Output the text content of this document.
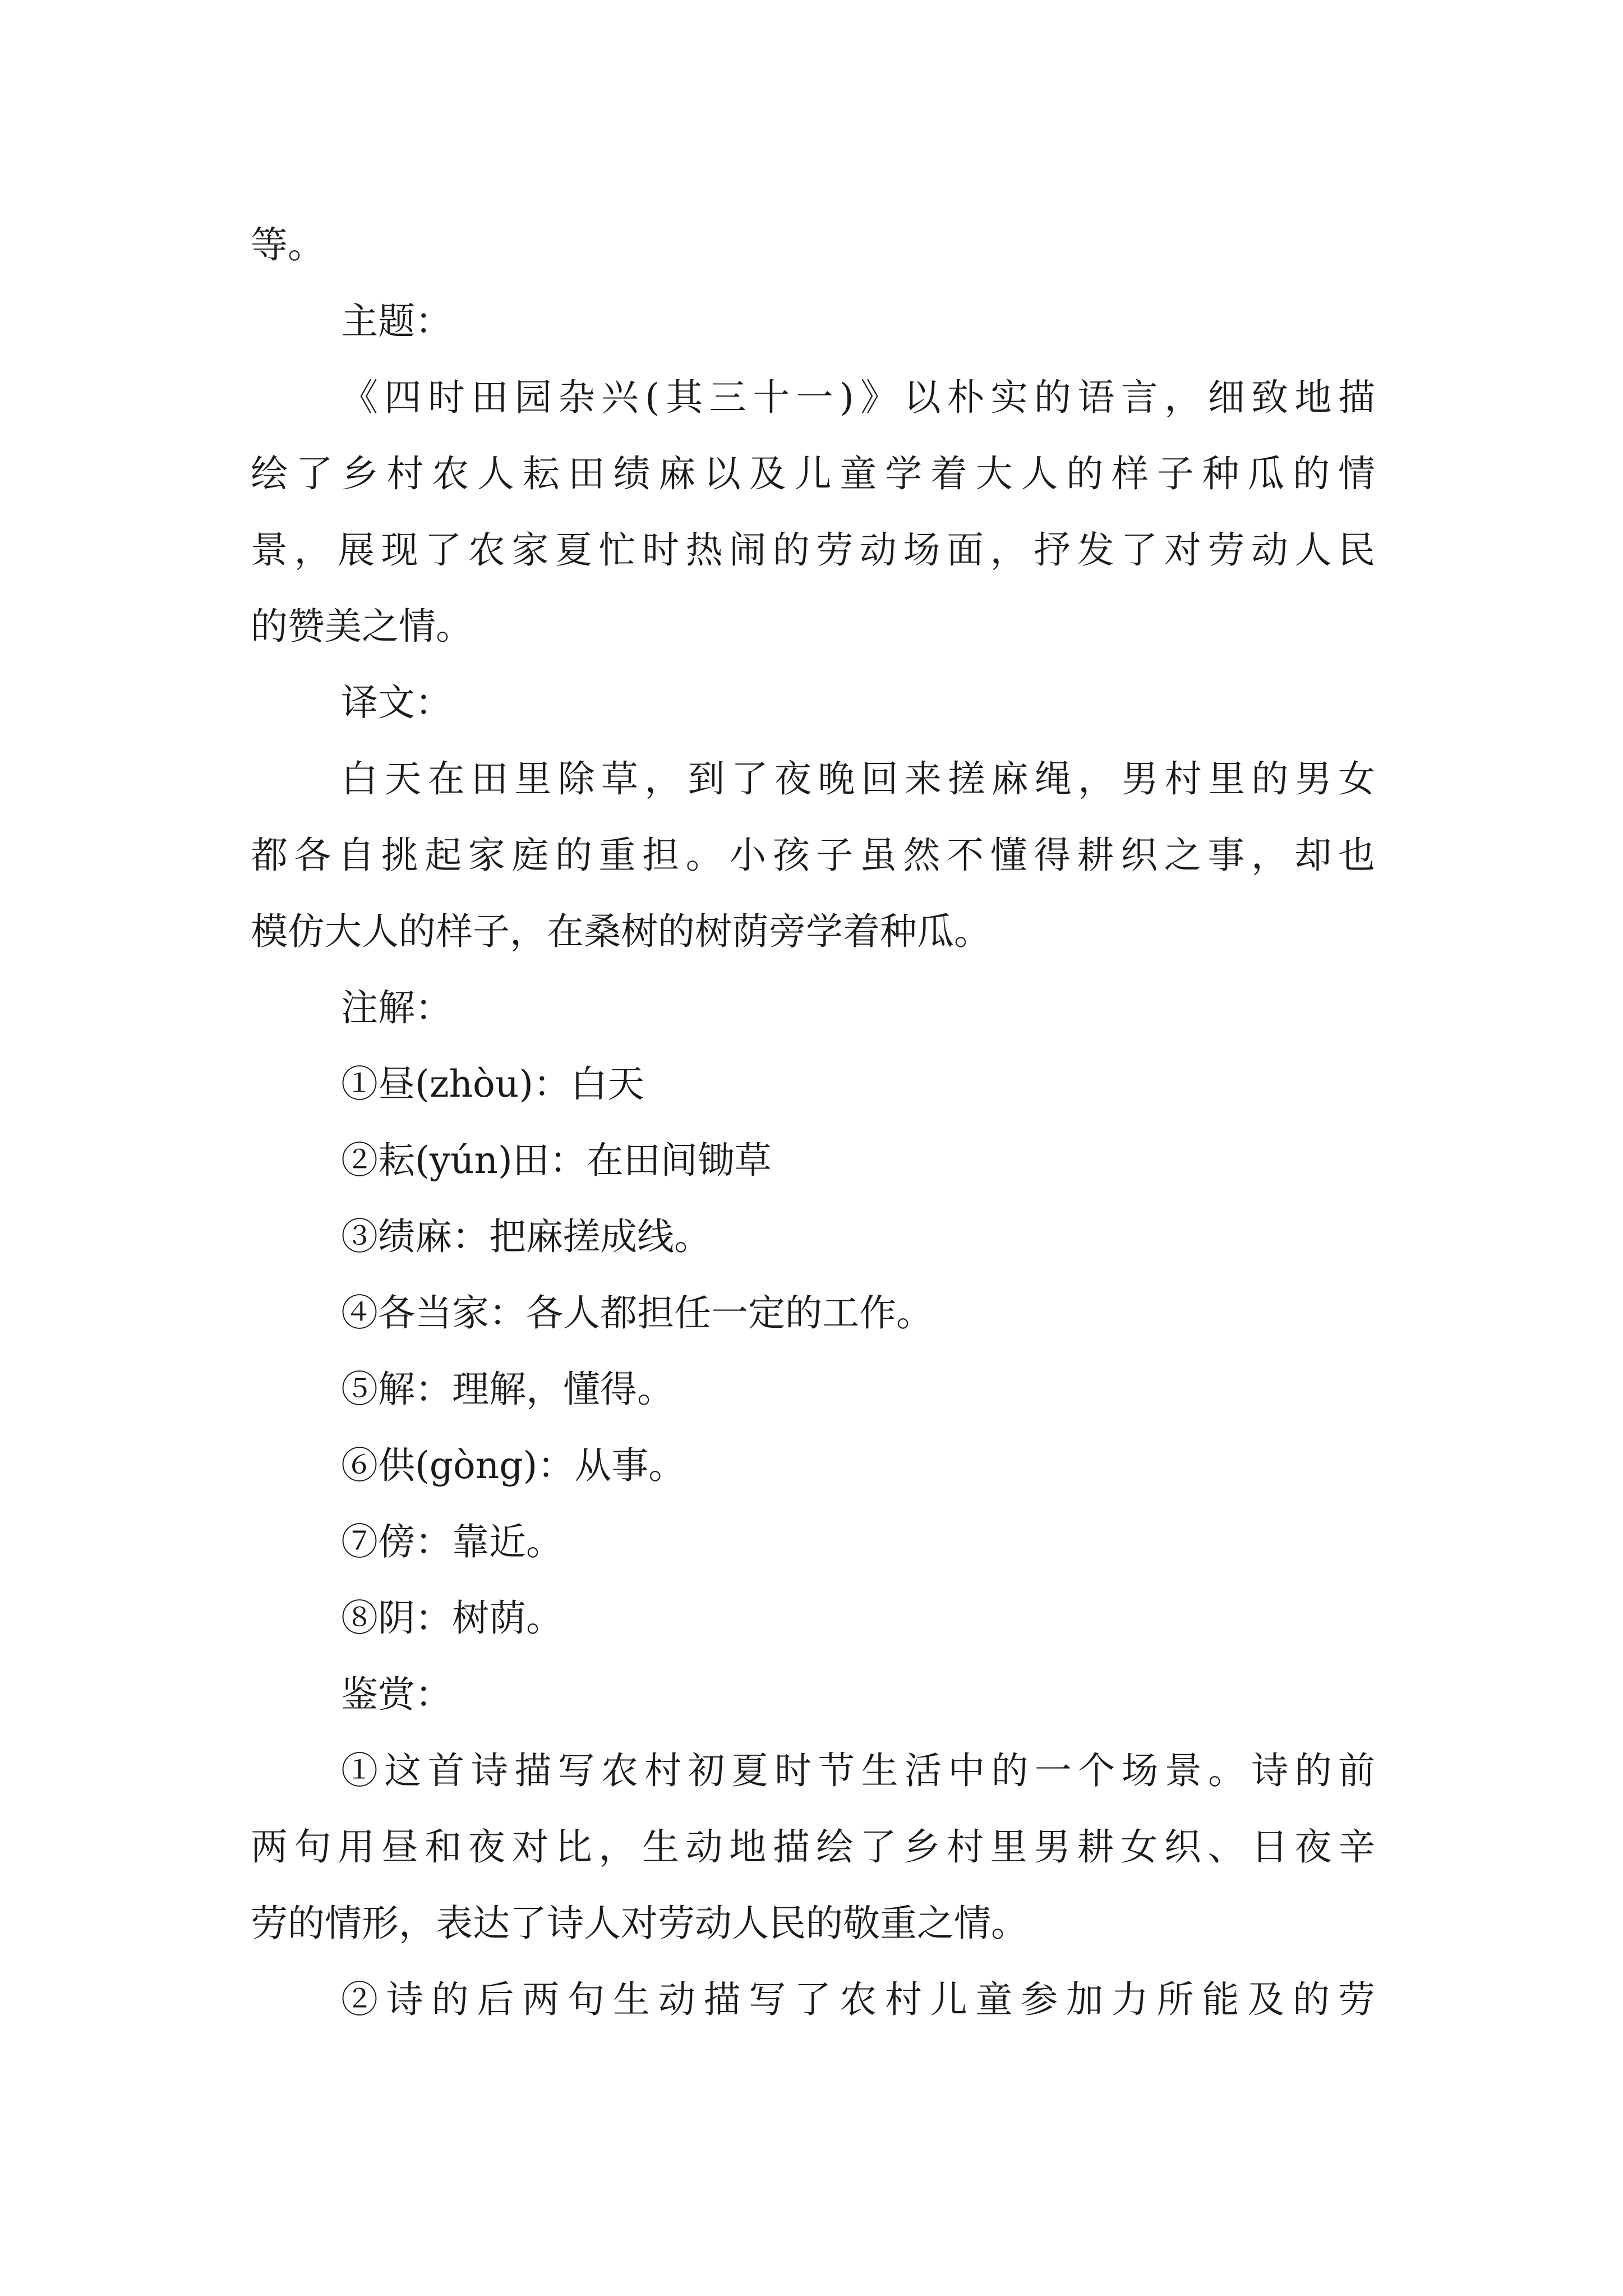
等。

主题：

《四时田园杂兴(其三十一)》以朴实的语言，细致地描

绘了乡村农人耘田绩麻以及儿童学着大人的样子种瓜的情

景，展现了农家夏忙时热闹的劳动场面，抒发了对劳动人民

的赞美之情。

译文：

白天在田里除草，到了夜晚回来搓麻绳，男村里的男女

都各自挑起家庭的重担。小孩子虽然不懂得耕织之事，却也

模仿大人的样子，在桑树的树荫旁学着种瓜。

注解：

①昼(zhòu)：白天

②耘(yún)田：在田间锄草

③绩麻：把麻搓成线。

④各当家：各人都担任一定的工作。

⑤解：理解，懂得。

⑥供(gòng)：从事。

⑦傍：靠近。

⑧阴：树荫。

鉴赏：

①这首诗描写农村初夏时节生活中的一个场景。诗的前

两句用昼和夜对比，生动地描绘了乡村里男耕女织、日夜辛

劳的情形，表达了诗人对劳动人民的敬重之情。

②诗的后两句生动描写了农村儿童参加力所能及的劳
